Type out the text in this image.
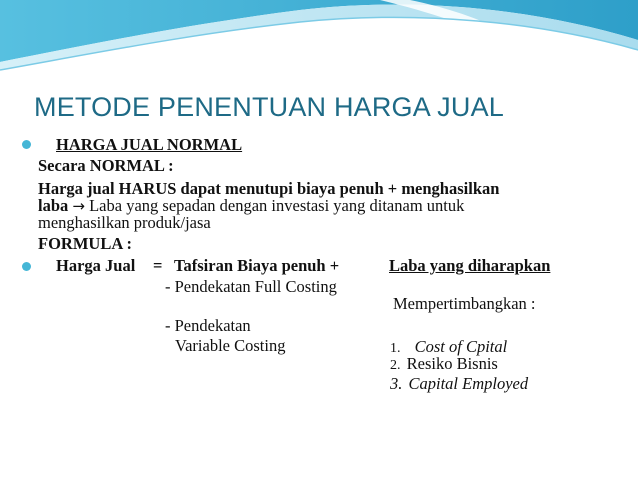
METODE PENENTUAN HARGA JUAL
HARGA JUAL NORMAL
Secara NORMAL :
Harga jual HARUS dapat menutupi biaya penuh + menghasilkan
laba → Laba yang sepadan dengan investasi yang ditanam untuk
menghasilkan produk/jasa
FORMULA :
Harga Jual = Tafsiran Biaya penuh +	Laba yang diharapkan
- Pendekatan Full Costing
Mempertimbangkan :
- Pendekatan
Variable Costing	1. Cost of Cpital
2. Resiko Bisnis
3. Capital Employed
